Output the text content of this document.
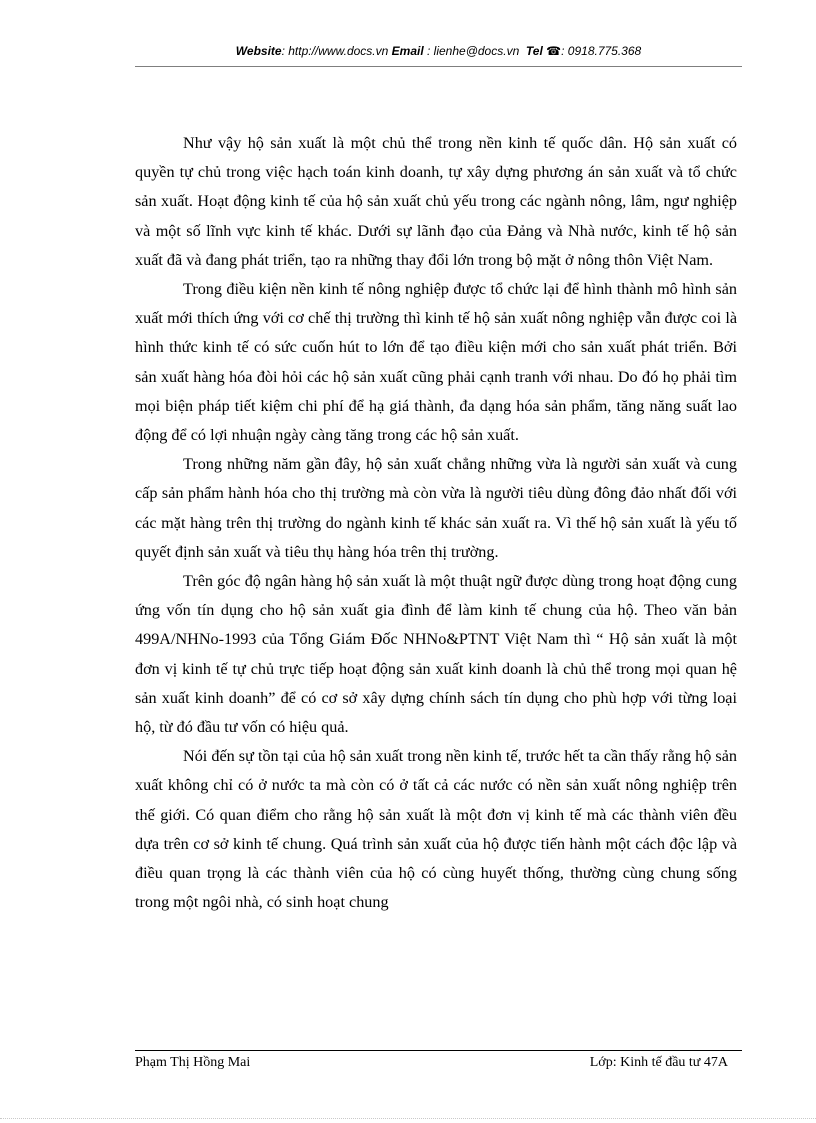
Website: http://www.docs.vn Email : lienhe@docs.vn Tel ☎: 0918.775.368

Như vậy hộ sản xuất là một chủ thể trong nền kinh tế quốc dân. Hộ sản xuất có quyền tự chủ trong việc hạch toán kinh doanh, tự xây dựng phương án sản xuất và tổ chức sản xuất. Hoạt động kinh tế của hộ sản xuất chủ yếu trong các ngành nông, lâm, ngư nghiệp và một số lĩnh vực kinh tế khác. Dưới sự lãnh đạo của Đảng và Nhà nước, kinh tế hộ sản xuất đã và đang phát triển, tạo ra những thay đổi lớn trong bộ mặt ở nông thôn Việt Nam.

Trong điều kiện nền kinh tế nông nghiệp được tổ chức lại để hình thành mô hình sản xuất mới thích ứng với cơ chế thị trường thì kinh tế hộ sản xuất nông nghiệp vẫn được coi là hình thức kinh tế có sức cuốn hút to lớn để tạo điều kiện mới cho sản xuất phát triển. Bởi sản xuất hàng hóa đòi hỏi các hộ sản xuất cũng phải cạnh tranh với nhau. Do đó họ phải tìm mọi biện pháp tiết kiệm chi phí để hạ giá thành, đa dạng hóa sản phẩm, tăng năng suất lao động để có lợi nhuận ngày càng tăng trong các hộ sản xuất.

Trong những năm gần đây, hộ sản xuất chẳng những vừa là người sản xuất và cung cấp sản phẩm hành hóa cho thị trường mà còn vừa là người tiêu dùng đông đảo nhất đối với các mặt hàng trên thị trường do ngành kinh tế khác sản xuất ra. Vì thế hộ sản xuất là yếu tố quyết định sản xuất và tiêu thụ hàng hóa trên thị trường.

Trên góc độ ngân hàng hộ sản xuất là một thuật ngữ được dùng trong hoạt động cung ứng vốn tín dụng cho hộ sản xuất gia đình để làm kinh tế chung của hộ. Theo văn bản 499A/NHNo-1993 của Tổng Giám Đốc NHNo&PTNT Việt Nam thì “ Hộ sản xuất là một đơn vị kinh tế tự chủ trực tiếp hoạt động sản xuất kinh doanh là chủ thể trong mọi quan hệ sản xuất kinh doanh” để có cơ sở xây dựng chính sách tín dụng cho phù hợp với từng loại hộ, từ đó đầu tư vốn có hiệu quả.

Nói đến sự tồn tại của hộ sản xuất trong nền kinh tế, trước hết ta cần thấy rằng hộ sản xuất không chỉ có ở nước ta mà còn có ở tất cả các nước có nền sản xuất nông nghiệp trên thế giới. Có quan điểm cho rằng hộ sản xuất là một đơn vị kinh tế mà các thành viên đều dựa trên cơ sở kinh tế chung. Quá trình sản xuất của hộ được tiến hành một cách độc lập và điều quan trọng là các thành viên của hộ có cùng huyết thống, thường cùng chung sống trong một ngôi nhà, có sinh hoạt chung

Phạm Thị Hồng Mai	Lớp: Kinh tế đầu tư 47A
